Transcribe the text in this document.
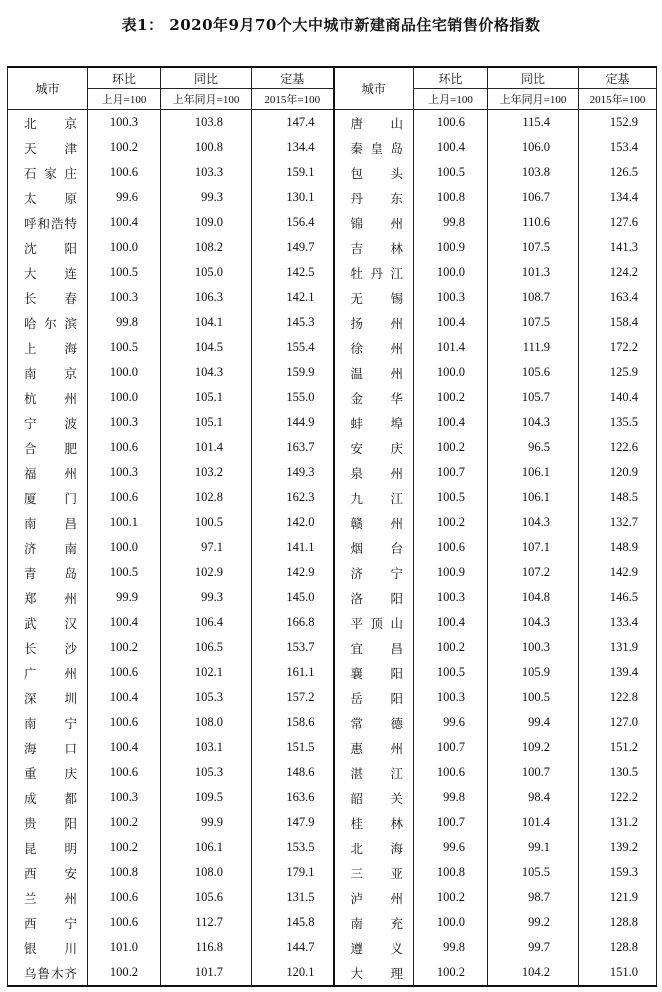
表1： 2020年9月70个大中城市新建商品住宅销售价格指数
城市	环比	同比	定基	城市	环比	同比	定基
	上月=100	上年同月=100	2015年=100		上月=100	上年同月=100	2015年=100
北京	100.3	103.8	147.4	唐山	100.6	115.4	152.9
天津	100.2	100.8	134.4	秦皇岛	100.4	106.0	153.4
石家庄	100.6	103.3	159.1	包头	100.5	103.8	126.5
太原	99.6	99.3	130.1	丹东	100.8	106.7	134.4
呼和浩特	100.4	109.0	156.4	锦州	99.8	110.6	127.6
沈阳	100.0	108.2	149.7	吉林	100.9	107.5	141.3
大连	100.5	105.0	142.5	牡丹江	100.0	101.3	124.2
长春	100.3	106.3	142.1	无锡	100.3	108.7	163.4
哈尔滨	99.8	104.1	145.3	扬州	100.4	107.5	158.4
上海	100.5	104.5	155.4	徐州	101.4	111.9	172.2
南京	100.0	104.3	159.9	温州	100.0	105.6	125.9
杭州	100.0	105.1	155.0	金华	100.2	105.7	140.4
宁波	100.3	105.1	144.9	蚌埠	100.4	104.3	135.5
合肥	100.6	101.4	163.7	安庆	100.2	96.5	122.6
福州	100.3	103.2	149.3	泉州	100.7	106.1	120.9
厦门	100.6	102.8	162.3	九江	100.5	106.1	148.5
南昌	100.1	100.5	142.0	赣州	100.2	104.3	132.7
济南	100.0	97.1	141.1	烟台	100.6	107.1	148.9
青岛	100.5	102.9	142.9	济宁	100.9	107.2	142.9
郑州	99.9	99.3	145.0	洛阳	100.3	104.8	146.5
武汉	100.4	106.4	166.8	平顶山	100.4	104.3	133.4
长沙	100.2	106.5	153.7	宜昌	100.2	100.3	131.9
广州	100.6	102.1	161.1	襄阳	100.5	105.9	139.4
深圳	100.4	105.3	157.2	岳阳	100.3	100.5	122.8
南宁	100.6	108.0	158.6	常德	99.6	99.4	127.0
海口	100.4	103.1	151.5	惠州	100.7	109.2	151.2
重庆	100.6	105.3	148.6	湛江	100.6	100.7	130.5
成都	100.3	109.5	163.6	韶关	99.8	98.4	122.2
贵阳	100.2	99.9	147.9	桂林	100.7	101.4	131.2
昆明	100.2	106.1	153.5	北海	99.6	99.1	139.2
西安	100.8	108.0	179.1	三亚	100.8	105.5	159.3
兰州	100.6	105.6	131.5	泸州	100.2	98.7	121.9
西宁	100.6	112.7	145.8	南充	100.0	99.2	128.8
银川	101.0	116.8	144.7	遵义	99.8	99.7	128.8
乌鲁木齐	100.2	101.7	120.1	大理	100.2	104.2	151.0
